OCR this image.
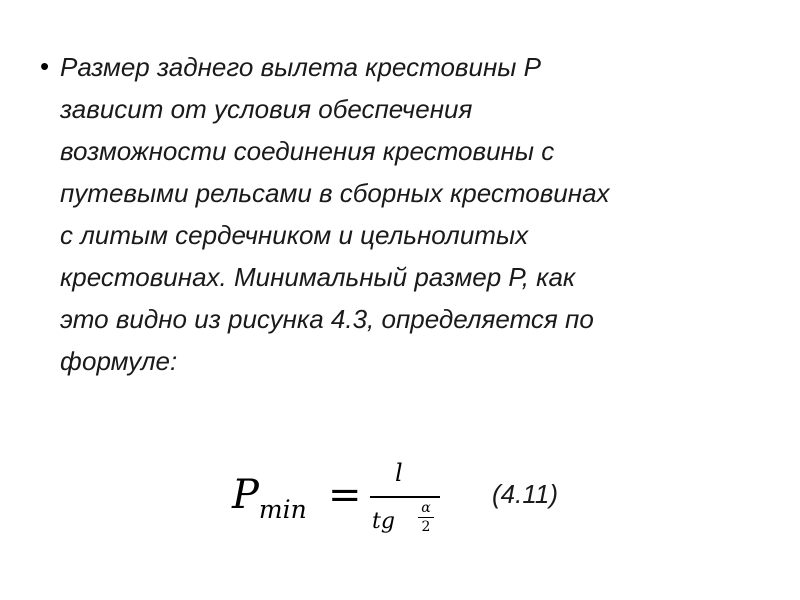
• Размер заднего вылета крестовины Р
зависит от условия обеспечения
возможности соединения крестовины с
путевыми рельсами в сборных крестовинах
с литым сердечником и цельнолитых
крестовинах. Минимальный размер Р, как
это видно из рисунка 4.3, определяется по
формуле:
$P_{min} = l$
tg
α
2
(4.11)
